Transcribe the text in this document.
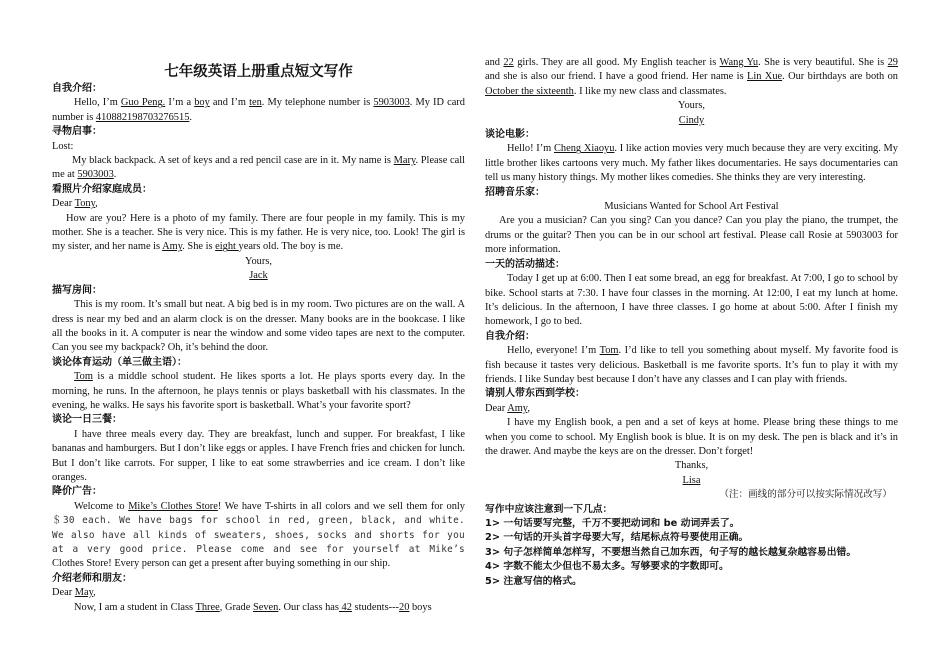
七年级英语上册重点短文写作

自我介绍：

Hello, I’m Guo Peng. I’m a boy and I’m ten. My telephone number is 5903003. My ID card number is 410882198703276515.

寻物启事：

Lost:

My black backpack. A set of keys and a red pencil case are in it. My name is Mary. Please call me at 5903003.

看照片介绍家庭成员：

Dear Tony,

How are you? Here is a photo of my family. There are four people in my family. This is my mother. She is a teacher. She is very nice. This is my father. He is very nice, too. Look! The girl is my sister, and her name is Amy. She is eight years old. The boy is me.

Yours,

Jack

描写房间：

This is my room. It’s small but neat. A big bed is in my room. Two pictures are on the wall. A dress is near my bed and an alarm clock is on the dresser. Many books are in the bookcase. I like all the books in it. A computer is near the window and some video tapes are next to the computer. Can you see my backpack? Oh, it’s behind the door.

谈论体育运动（单三做主语）：

Tom is a middle school student. He likes sports a lot. He plays sports every day. In the morning, he runs. In the afternoon, he plays tennis or plays basketball with his classmates. In the evening, he walks. He says his favorite sport is basketball. What’s your favorite sport?

谈论一日三餐：

I have three meals every day. They are breakfast, lunch and supper. For breakfast, I like bananas and hamburgers. But I don’t like eggs or apples. I have French fries and chicken for lunch. But I don’t like carrots. For supper, I like to eat some strawberries and ice cream. I don’t like oranges.

降价广告：

Welcome to Mike’s Clothes Store! We have T-shirts in all colors and we sell them for only ＄30 each. We have bags for school in red, green, black, and white. We also have all kinds of sweaters, shoes, socks and shorts for you at a very good price. Please come and see for yourself at Mike’s Clothes Store! Every person can get a present after buying something in our ship.

介绍老师和朋友：

Dear May,

Now, I am a student in Class Three, Grade Seven. Our class has 42 students---20 boys

and 22 girls. They are all good. My English teacher is Wang Yu. She is very beautiful. She is 29 and she is also our friend. I have a good friend. Her name is Lin Xue. Our birthdays are both on October the sixteenth. I like my new class and classmates.

Yours,

Cindy

谈论电影：

Hello! I’m Cheng Xiaoyu. I like action movies very much because they are very exciting. My little brother likes cartoons very much. My father likes documentaries. He says documentaries can tell us many history things. My mother likes comedies. She thinks they are very interesting.

招聘音乐家：

Musicians Wanted for School Art Festival

Are you a musician? Can you sing? Can you dance? Can you play the piano, the trumpet, the drums or the guitar? Then you can be in our school art festival. Please call Rosie at 5903003 for more information.

一天的活动描述：

Today I get up at 6:00. Then I eat some bread, an egg for breakfast. At 7:00, I go to school by bike. School starts at 7:30. I have four classes in the morning. At 12:00, I eat my lunch at home. It’s delicious. In the afternoon, I have three classes. I go home at about 5:00. After I finish my homework, I go to bed.

自我介绍：

Hello, everyone! I’m Tom. I’d like to tell you something about myself. My favorite food is fish because it tastes very delicious. Basketball is me favorite sports. It’s fun to play it with my friends. I like Sunday best because I don’t have any classes and I can play with friends.

请别人带东西到学校：

Dear Amy,

I have my English book, a pen and a set of keys at home. Please bring these things to me when you come to school. My English book is blue. It is on my desk. The pen is black and it’s in the drawer. And maybe the keys are on the dresser. Don’t forget!

Thanks,

Lisa

（注：画线的部分可以按实际情况改写）

写作中应该注意到一下几点：

1> 一句话要写完整，千万不要把动词和 be 动词弄丢了。

2> 一句话的开头首字母要大写，结尾标点符号要使用正确。

3> 句子怎样简单怎样写，不要想当然自己加东西，句子写的越长越复杂越容易出错。

4> 字数不能太少但也不易太多。写够要求的字数即可。

5> 注意写信的格式。
